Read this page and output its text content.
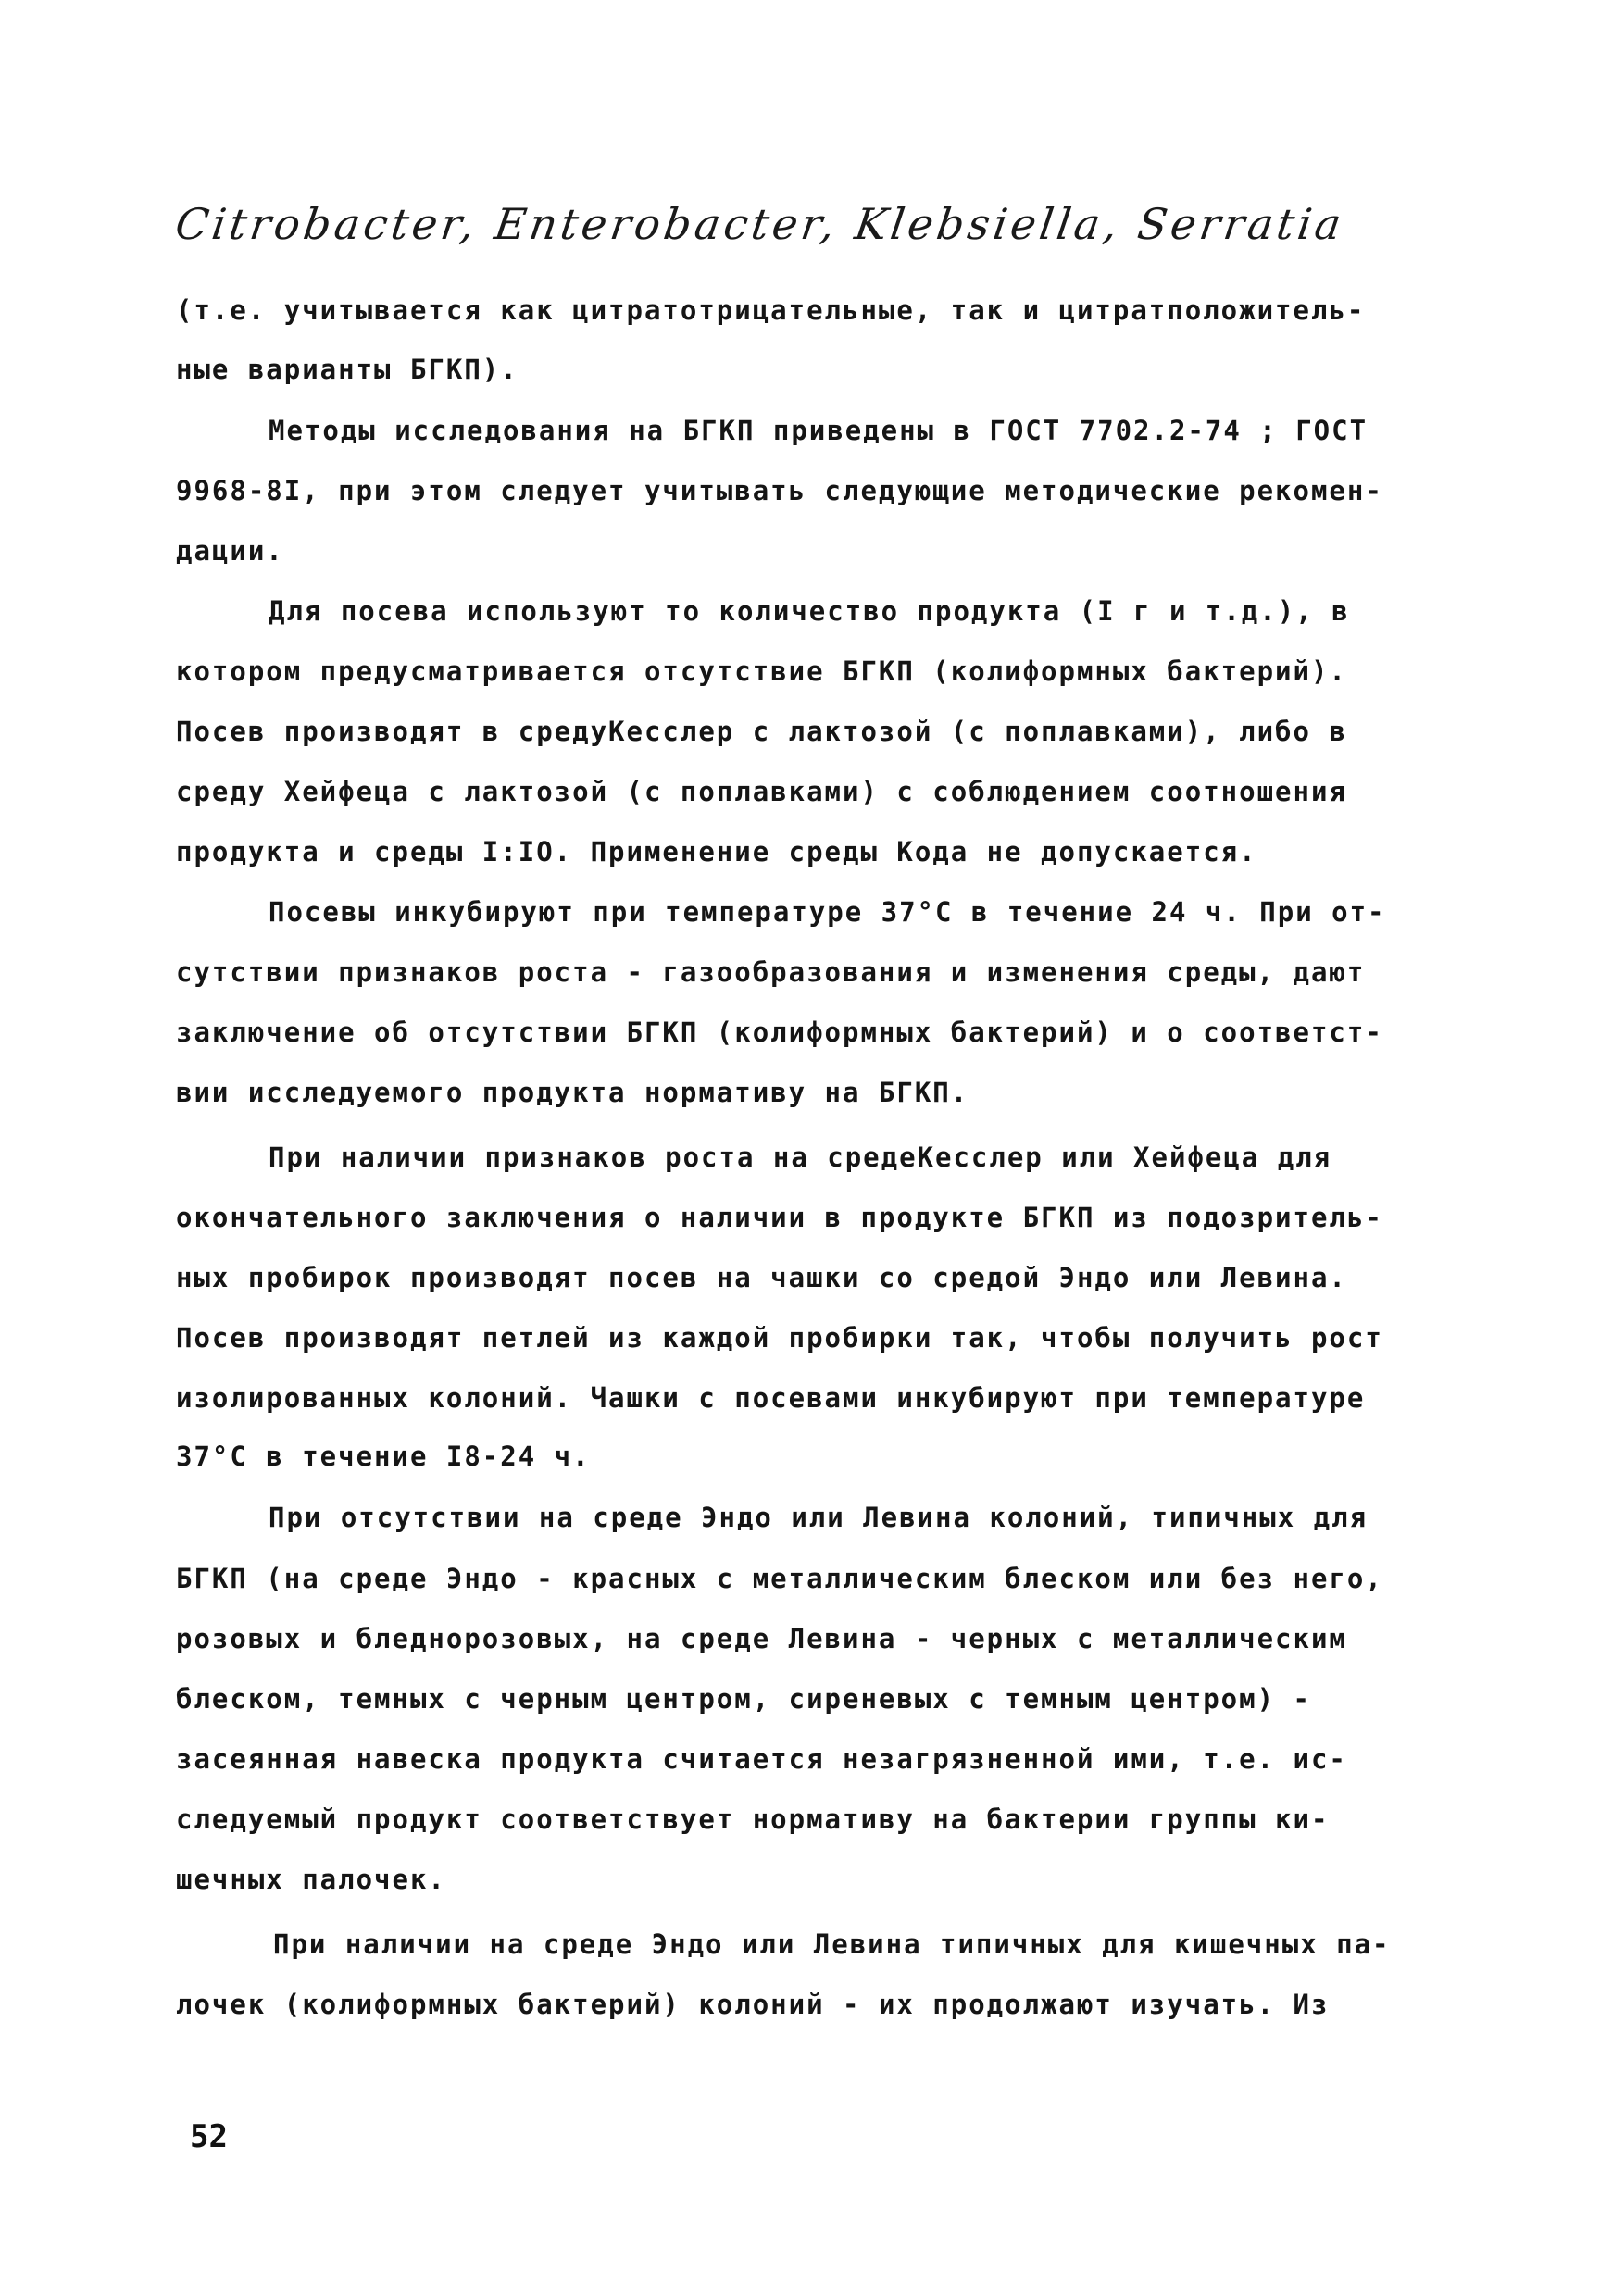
Citrobacter, Enterobacter, Klebsiella, Serratia
(т.е. учитывается как цитратотрицательные, так и цитратположитель-
ные варианты БГКП).
Методы исследования на БГКП приведены в ГОСТ 7702.2-74 ; ГОСТ
9968-8I, при этом следует учитывать следующие методические рекомен-
дации.
Для посева используют то количество продукта (I г и т.д.), в
котором предусматривается отсутствие БГКП (колиформных бактерий).
Посев производят в средуКесслер с лактозой (с поплавками), либо в
среду Хейфеца с лактозой (с поплавками) с соблюдением соотношения
продукта и среды I:IO. Применение среды Кода не допускается.
Посевы инкубируют при температуре 37°С в течение 24 ч. При от-
сутствии признаков роста - газообразования и изменения среды, дают
заключение об отсутствии БГКП (колиформных бактерий) и о соответст-
вии исследуемого продукта нормативу на БГКП.
При наличии признаков роста на средеКесслер или Хейфеца для
окончательного заключения о наличии в продукте БГКП из подозритель-
ных пробирок производят посев на чашки со средой Эндо или Левина.
Посев производят петлей из каждой пробирки так, чтобы получить рост
изолированных колоний. Чашки с посевами инкубируют при температуре
37°С в течение I8-24 ч.
При отсутствии на среде Эндо или Левина колоний, типичных для
БГКП (на среде Эндо - красных с металлическим блеском или без него,
розовых и бледнорозовых, на среде Левина - черных с металлическим
блеском, темных с черным центром, сиреневых с темным центром) -
засеянная навеска продукта считается незагрязненной ими, т.е. ис-
следуемый продукт соответствует нормативу на бактерии группы ки-
шечных палочек.
При наличии на среде Эндо или Левина типичных для кишечных па-
лочек (колиформных бактерий) колоний - их продолжают изучать. Из
52
